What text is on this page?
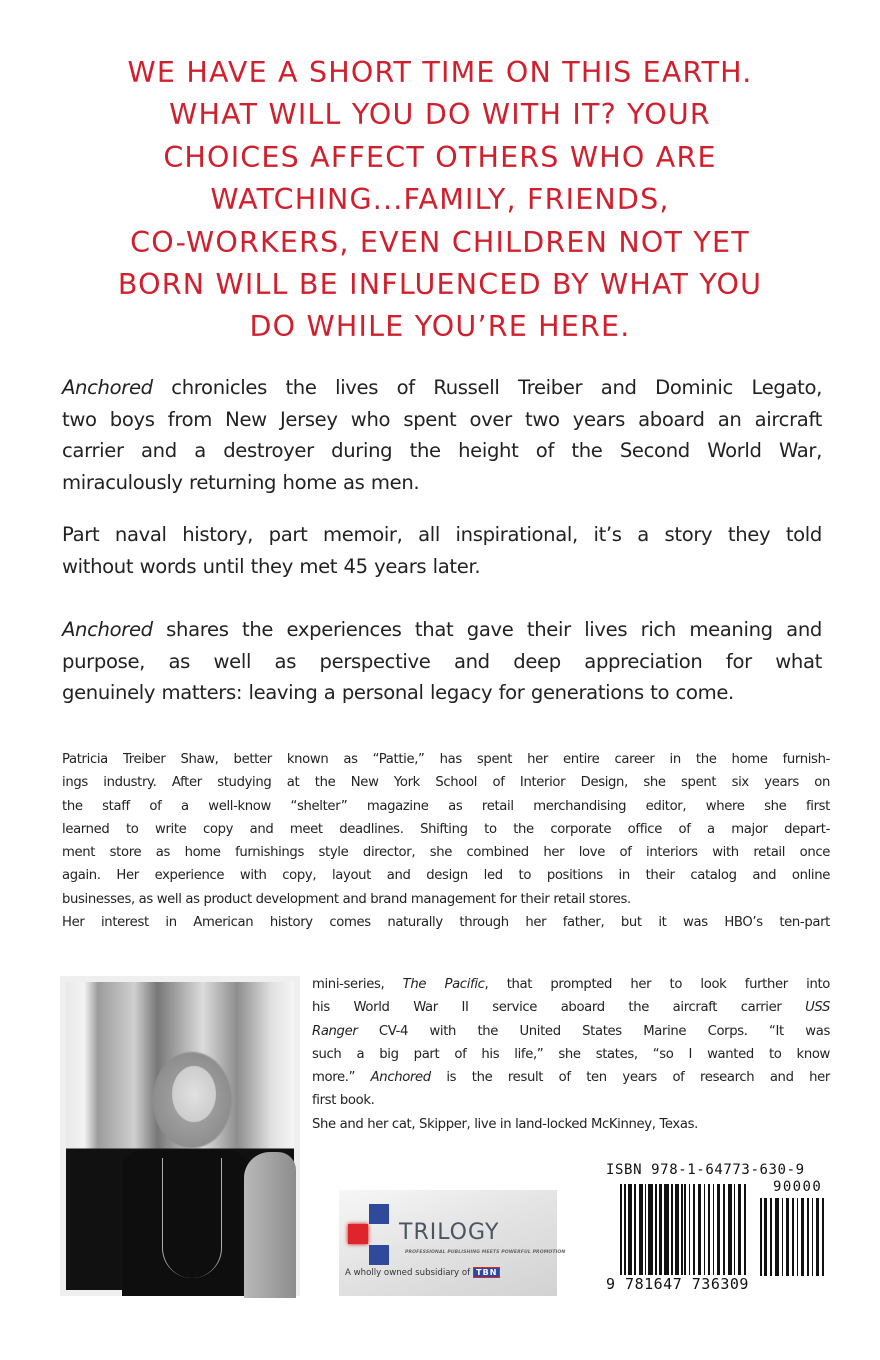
WE HAVE A SHORT TIME ON THIS EARTH.
WHAT WILL YOU DO WITH IT? YOUR
CHOICES AFFECT OTHERS WHO ARE
WATCHING...FAMILY, FRIENDS,
CO-WORKERS, EVEN CHILDREN NOT YET
BORN WILL BE INFLUENCED BY WHAT YOU
DO WHILE YOU’RE HERE.
Anchored chronicles the lives of Russell Treiber and Dominic Legato,
two boys from New Jersey who spent over two years aboard an aircraft
carrier and a destroyer during the height of the Second World War,
miraculously returning home as men.
Part naval history, part memoir, all inspirational, it’s a story they told
without words until they met 45 years later.
Anchored shares the experiences that gave their lives rich meaning and
purpose, as well as perspective and deep appreciation for what
genuinely matters: leaving a personal legacy for generations to come.
Patricia Treiber Shaw, better known as “Pattie,” has spent her entire career in the home furnish-
ings industry. After studying at the New York School of Interior Design, she spent six years on
the staff of a well-know “shelter” magazine as retail merchandising editor, where she first
learned to write copy and meet deadlines. Shifting to the corporate office of a major depart-
ment store as home furnishings style director, she combined her love of interiors with retail once
again. Her experience with copy, layout and design led to positions in their catalog and online
businesses, as well as product development and brand management for their retail stores.
Her interest in American history comes naturally through her father, but it was HBO’s ten-part
mini-series, The Pacific, that prompted her to look further into
his World War II service aboard the aircraft carrier USS
Ranger CV-4 with the United States Marine Corps. “It was
such a big part of his life,” she states, “so I wanted to know
more.” Anchored is the result of ten years of research and her
first book.
She and her cat, Skipper, live in land-locked McKinney, Texas.
TRILOGY
PROFESSIONAL PUBLISHING MEETS POWERFUL PROMOTION
A wholly owned subsidiary of TBN
ISBN 978-1-64773-630-9
90000
9 781647 736309
